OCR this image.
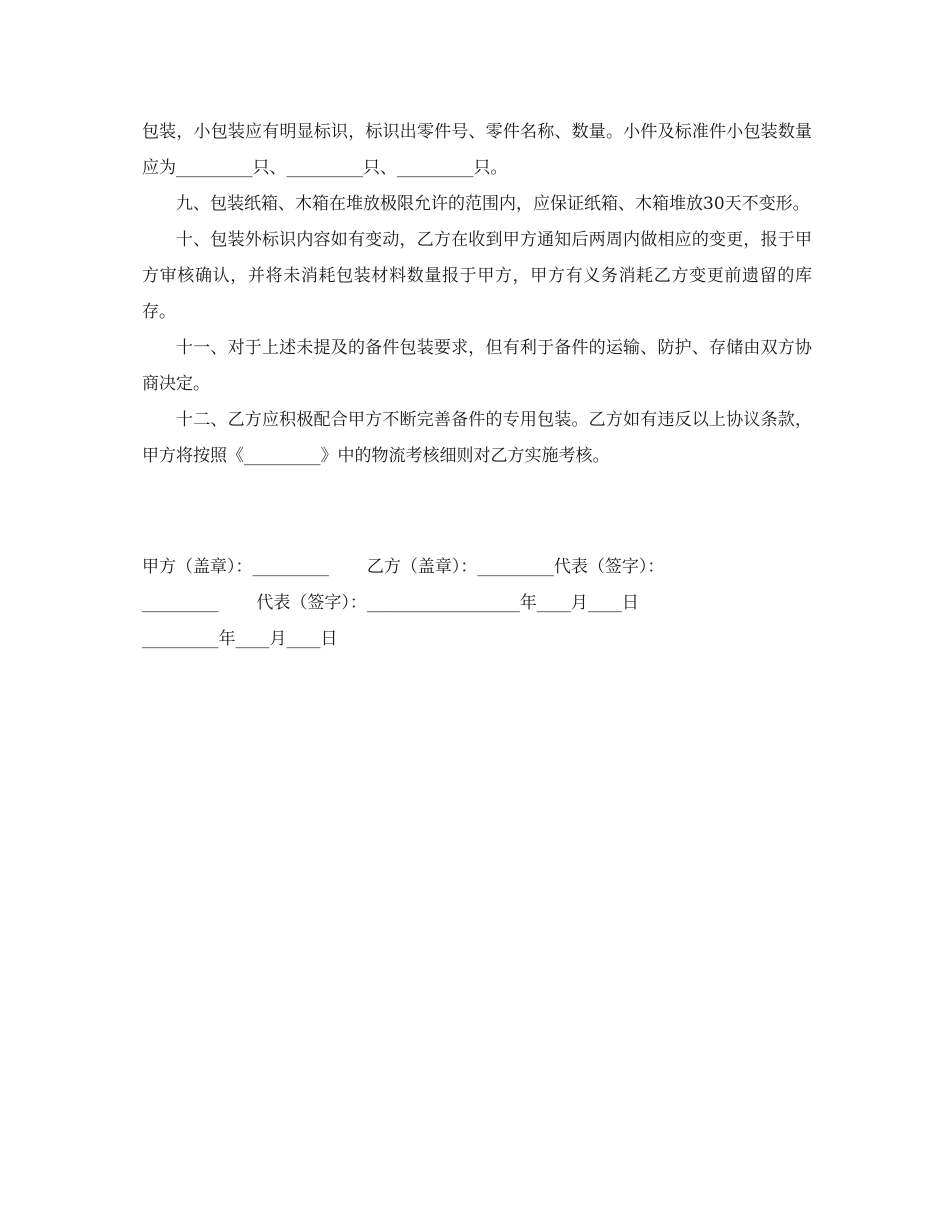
包装，小包装应有明显标识，标识出零件号、零件名称、数量。小件及标准件小包装数量应为_________只、_________只、_________只。

九、包装纸箱、木箱在堆放极限允许的范围内，应保证纸箱、木箱堆放30天不变形。

十、包装外标识内容如有变动，乙方在收到甲方通知后两周内做相应的变更，报于甲方审核确认，并将未消耗包装材料数量报于甲方，甲方有义务消耗乙方变更前遗留的库存。

十一、对于上述未提及的备件包装要求，但有利于备件的运输、防护、存储由双方协商决定。

十二、乙方应积极配合甲方不断完善备件的专用包装。乙方如有违反以上协议条款，甲方将按照《_________》中的物流考核细则对乙方实施考核。

甲方（盖章）：_________       乙方（盖章）：_________代表（签字）：

_________       代表（签字）：__________________年____月____日

_________年____月____日
